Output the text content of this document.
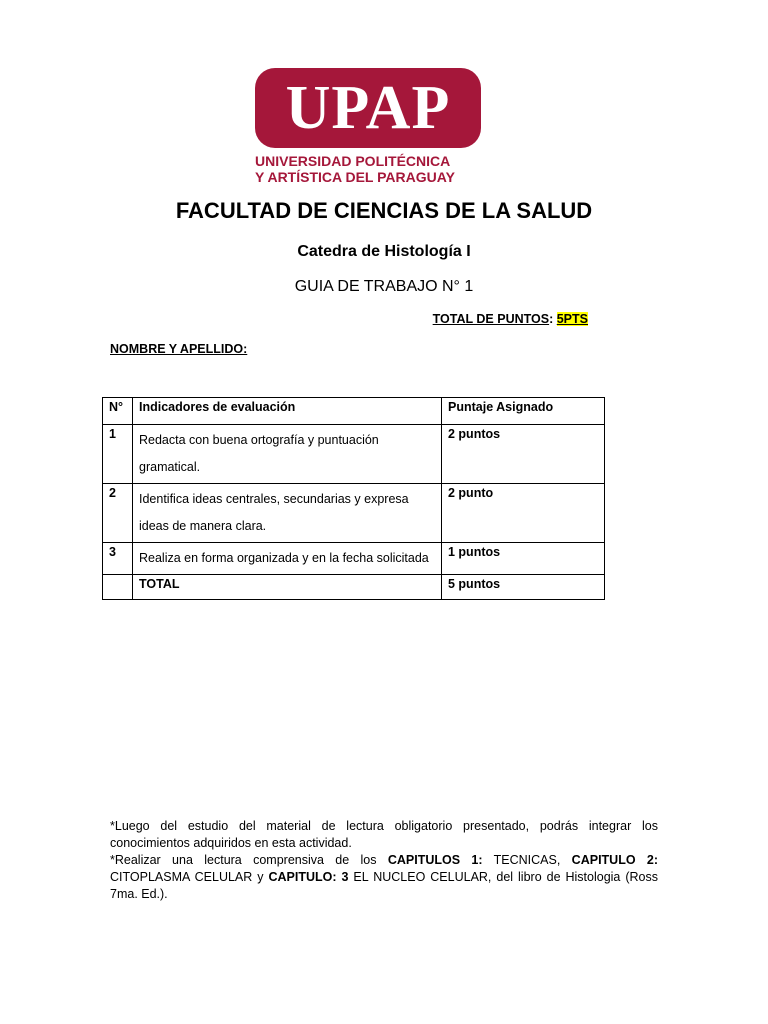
UPAP
UNIVERSIDAD POLITÉCNICA
Y ARTÍSTICA DEL PARAGUAY
FACULTAD DE CIENCIAS DE LA SALUD
Catedra de Histología I
GUIA DE TRABAJO N° 1
TOTAL DE PUNTOS: 5PTS
NOMBRE Y APELLIDO:
N°	Indicadores de evaluación	Puntaje Asignado
1	Redacta con buena ortografía y puntuación gramatical.	2 puntos
2	Identifica ideas centrales, secundarias y expresa ideas de manera clara.	2 punto
3	Realiza en forma organizada y en la fecha solicitada	1 puntos
	TOTAL	5 puntos

*Luego del estudio del material de lectura obligatorio presentado, podrás integrar los conocimientos adquiridos en esta actividad.

*Realizar una lectura comprensiva de los CAPITULOS 1: TECNICAS, CAPITULO 2: CITOPLASMA CELULAR y CAPITULO: 3 EL NUCLEO CELULAR, del libro de Histologia (Ross 7ma. Ed.).
